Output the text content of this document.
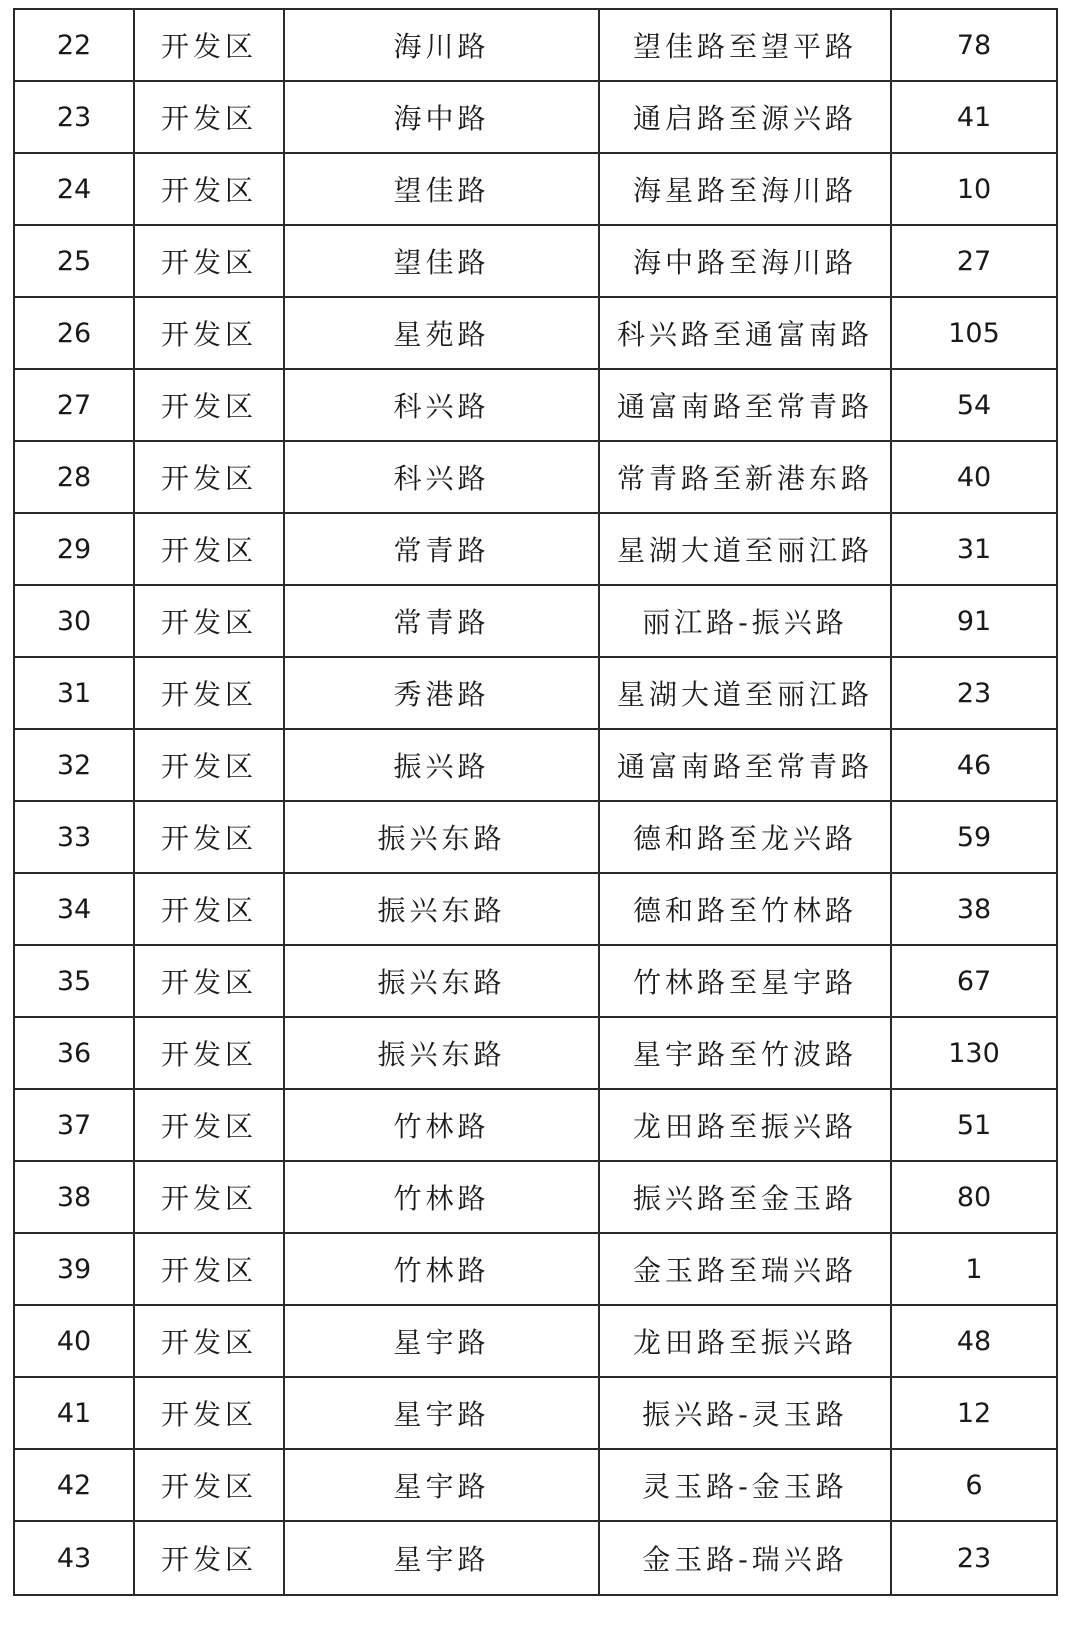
22	开发区	海川路	望佳路至望平路	78
23	开发区	海中路	通启路至源兴路	41
24	开发区	望佳路	海星路至海川路	10
25	开发区	望佳路	海中路至海川路	27
26	开发区	星苑路	科兴路至通富南路	105
27	开发区	科兴路	通富南路至常青路	54
28	开发区	科兴路	常青路至新港东路	40
29	开发区	常青路	星湖大道至丽江路	31
30	开发区	常青路	丽江路-振兴路	91
31	开发区	秀港路	星湖大道至丽江路	23
32	开发区	振兴路	通富南路至常青路	46
33	开发区	振兴东路	德和路至龙兴路	59
34	开发区	振兴东路	德和路至竹林路	38
35	开发区	振兴东路	竹林路至星宇路	67
36	开发区	振兴东路	星宇路至竹波路	130
37	开发区	竹林路	龙田路至振兴路	51
38	开发区	竹林路	振兴路至金玉路	80
39	开发区	竹林路	金玉路至瑞兴路	1
40	开发区	星宇路	龙田路至振兴路	48
41	开发区	星宇路	振兴路-灵玉路	12
42	开发区	星宇路	灵玉路-金玉路	6
43	开发区	星宇路	金玉路-瑞兴路	23
